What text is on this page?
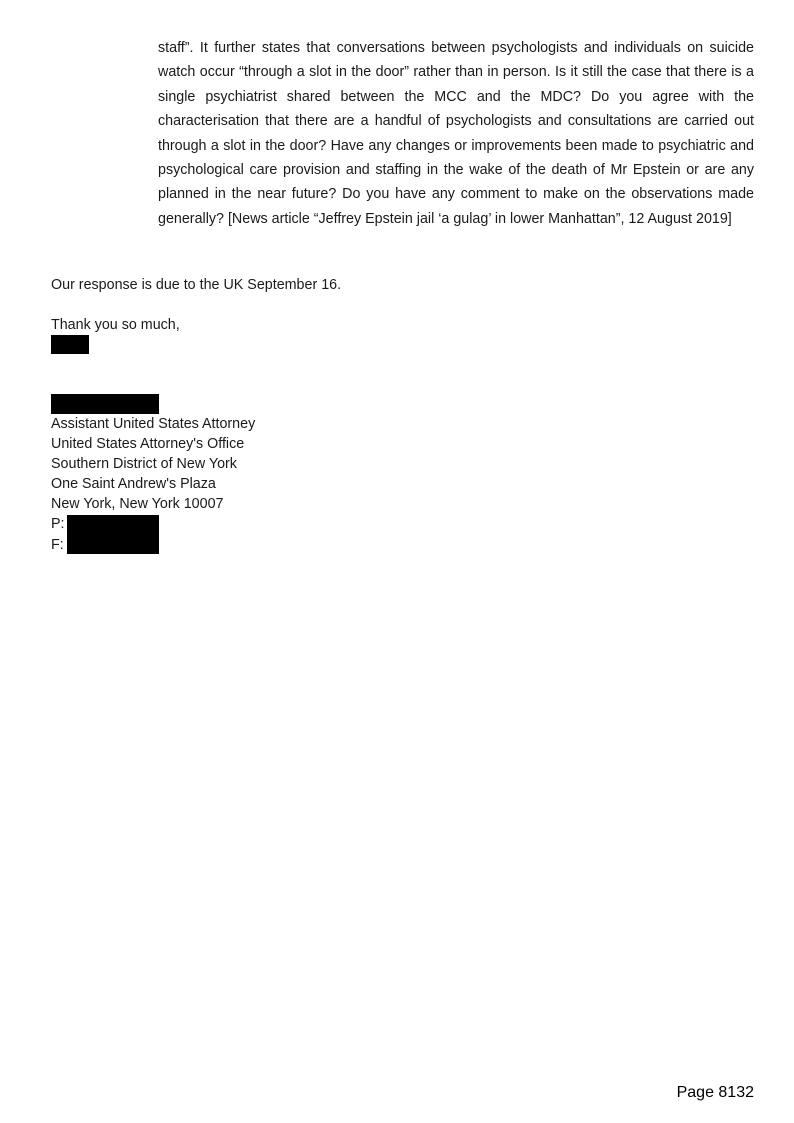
staff”. It further states that conversations between psychologists and individuals on suicide watch occur “through a slot in the door” rather than in person. Is it still the case that there is a single psychiatrist shared between the MCC and the MDC? Do you agree with the characterisation that there are a handful of psychologists and consultations are carried out through a slot in the door? Have any changes or improvements been made to psychiatric and psychological care provision and staffing in the wake of the death of Mr Epstein or are any planned in the near future? Do you have any comment to make on the observations made generally? [News article “Jeffrey Epstein jail ‘a gulag’ in lower Manhattan”, 12 August 2019]
Our response is due to the UK September 16.
Thank you so much,
Assistant United States Attorney
United States Attorney's Office
Southern District of New York
One Saint Andrew's Plaza
New York, New York 10007
P:
F:
Page 8132
